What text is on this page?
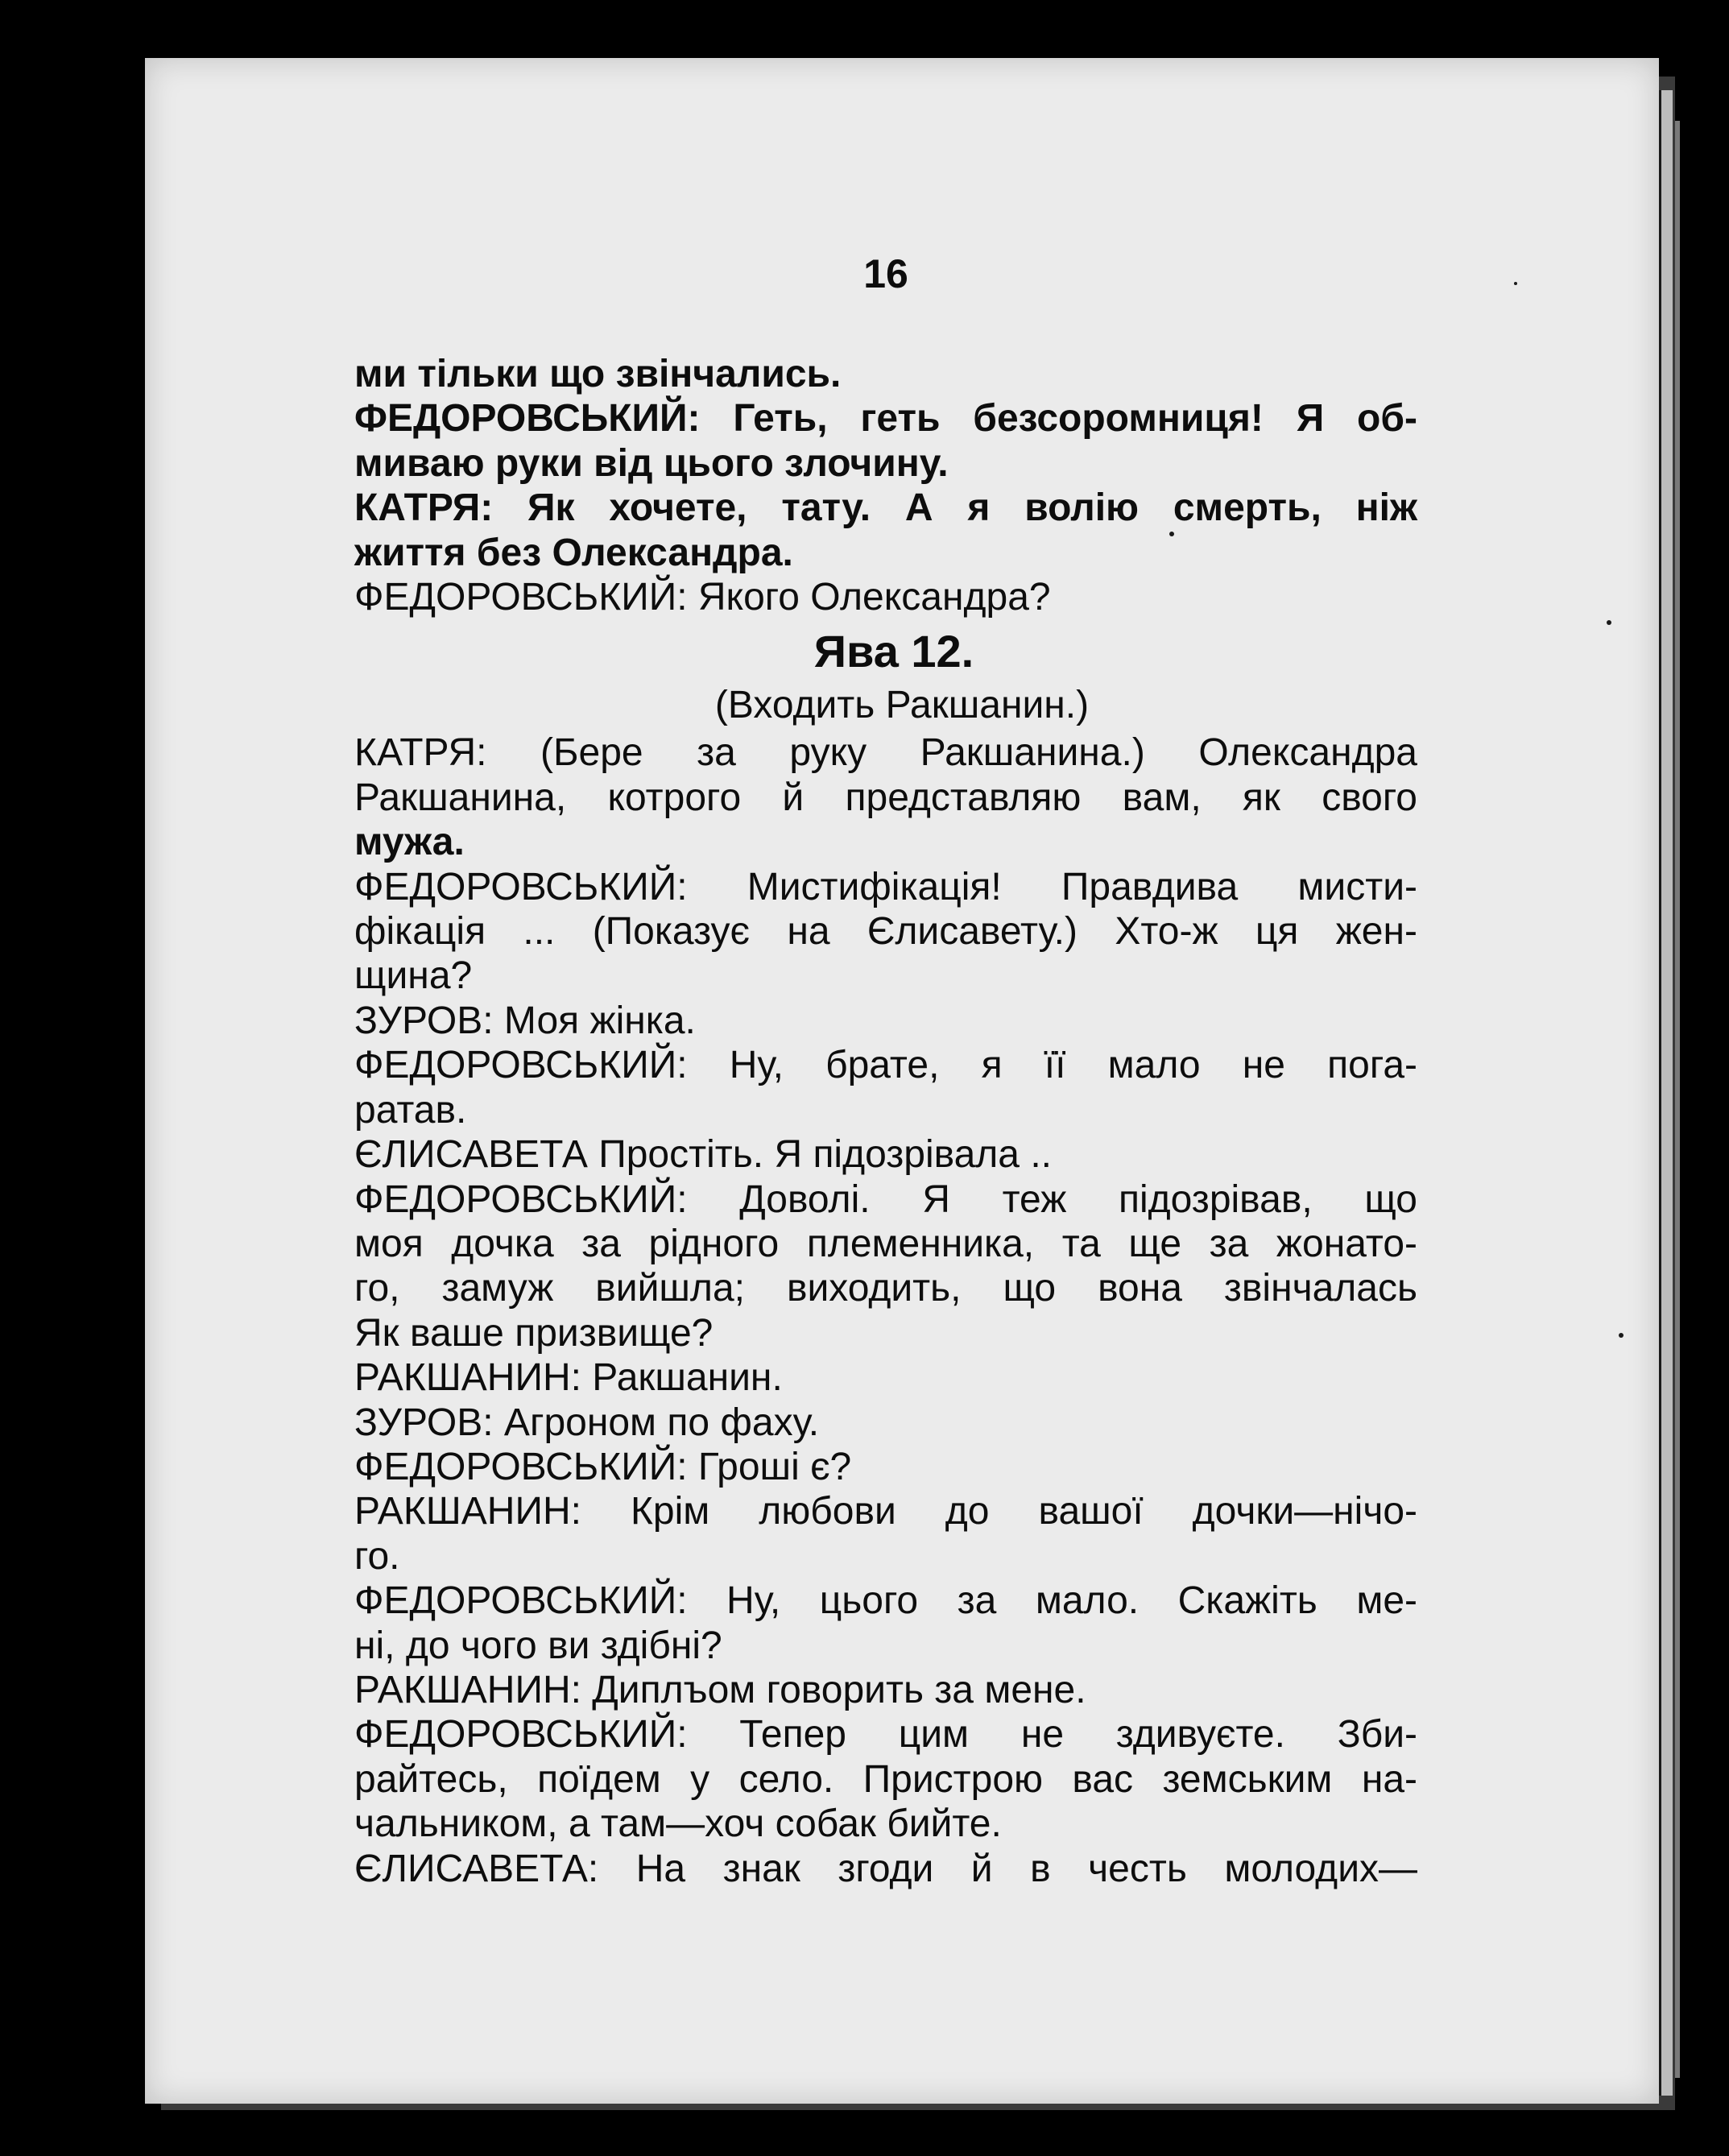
16
ми тільки що звінчались.
ФЕДОРОВСЬКИЙ: Геть, геть безсоромниця! Я об-
миваю руки від цього злочину.
КАТРЯ: Як хочете, тату. А я волію смерть, ніж
життя без Олександра.
ФЕДОРОВСЬКИЙ: Якого Олександра?
Ява 12.
(Входить Ракшанин.)
КАТРЯ: (Бере за руку Ракшанина.) Олександра
Ракшанина, котрого й представляю вам, як свого
мужа.
ФЕДОРОВСЬКИЙ: Мистифікація! Правдива мисти-
фікація ... (Показує на Єлисавету.) Хто-ж ця жен-
щина?
ЗУРОВ: Моя жінка.
ФЕДОРОВСЬКИЙ: Ну, брате, я її мало не пога-
ратав.
ЄЛИСАВЕТА Простіть. Я підозрівала ..
ФЕДОРОВСЬКИЙ: Доволі. Я теж підозрівав, що
моя дочка за рідного племенника, та ще за жонато-
го, замуж вийшла; виходить, що вона звінчалась
Як ваше призвище?
РАКШАНИН: Ракшанин.
ЗУРОВ: Агроном по фаху.
ФЕДОРОВСЬКИЙ: Гроші є?
РАКШАНИН: Крім любови до вашої дочки—нічо-
го.
ФЕДОРОВСЬКИЙ: Ну, цього за мало. Скажіть ме-
ні, до чого ви здібні?
РАКШАНИН: Диплъом говорить за мене.
ФЕДОРОВСЬКИЙ: Тепер цим не здивуєте. Зби-
райтесь, поїдем у село. Пристрою вас земським на-
чальником, а там—хоч собак бийте.
ЄЛИСАВЕТА: На знак згоди й в честь молодих—
